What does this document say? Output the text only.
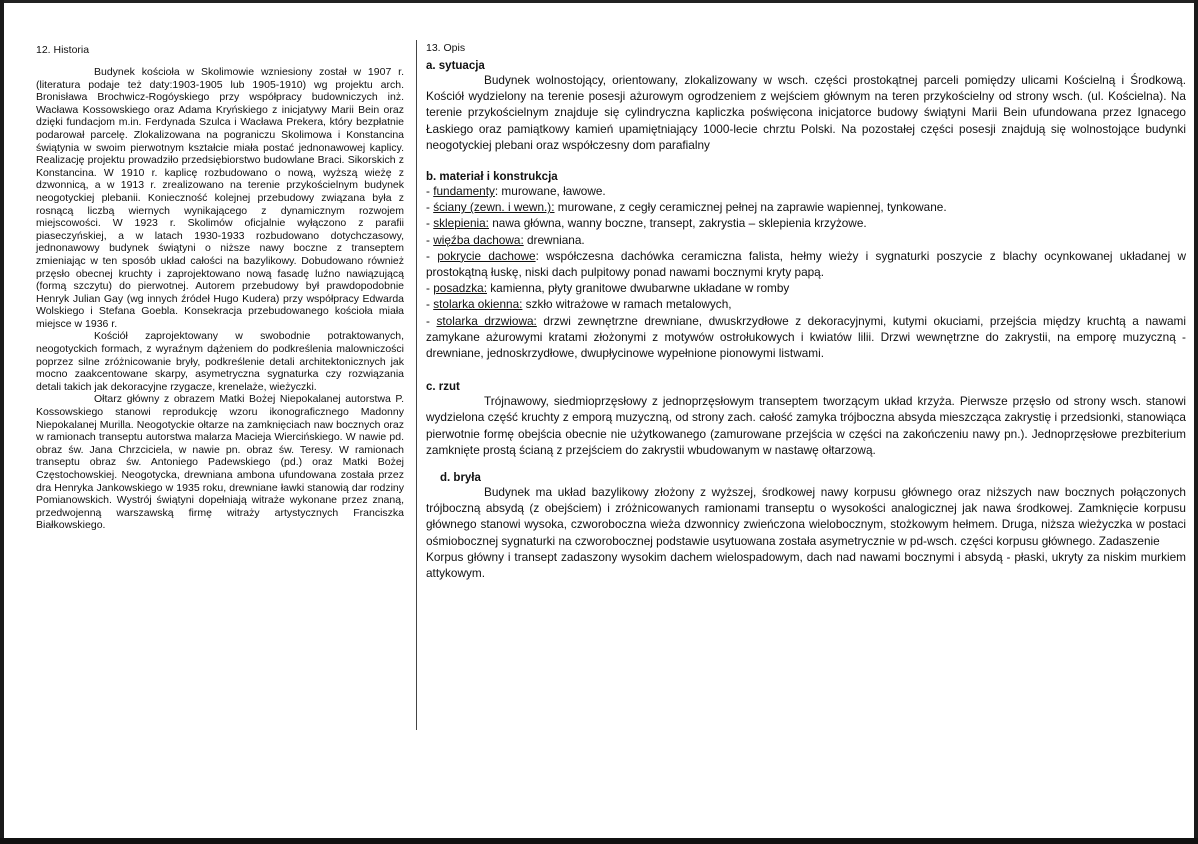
12. Historia

Budynek kościoła w Skolimowie wzniesiony został w 1907 r. (literatura podaje też daty:1903-1905 lub 1905-1910) wg projektu arch. Bronisława Brochwicz-Rogóyskiego przy współpracy budowniczych inż. Wacława Kossowskiego oraz Adama Kryńskiego z inicjatywy Marii Bein oraz dzięki fundacjom m.in. Ferdynada Szulca i Wacława Prekera, który bezpłatnie podarował parcelę. Zlokalizowana na pograniczu Skolimowa i Konstancina świątynia w swoim pierwotnym kształcie miała postać jednonawowej kaplicy. Realizację projektu prowadziło przedsiębiorstwo budowlane Braci. Sikorskich z Konstancina. W 1910 r. kaplicę rozbudowano o nową, wyższą wieżę z dzwonnicą, a w 1913 r. zrealizowano na terenie przykościelnym budynek neogotyckiej plebanii. Konieczność kolejnej przebudowy związana była z rosnącą liczbą wiernych wynikającego z dynamicznym rozwojem miejscowości. W 1923 r. Skolimów oficjalnie wyłączono z parafii piaseczyńskiej, a w latach 1930-1933 rozbudowano dotychczasowy, jednonawowy budynek świątyni o niższe nawy boczne z transeptem zmieniając w ten sposób układ całości na bazylikowy. Dobudowano również przęsło obecnej kruchty i zaprojektowano nową fasadę luźno nawiązującą (formą szczytu) do pierwotnej. Autorem przebudowy był prawdopodobnie Henryk Julian Gay (wg innych źródeł Hugo Kudera) przy współpracy Edwarda Wolskiego i Stefana Goebla. Konsekracja przebudowanego kościoła miała miejsce w 1936 r.

Kościół zaprojektowany w swobodnie potraktowanych, neogotyckich formach, z wyraźnym dążeniem do podkreślenia malowniczości poprzez silne zróżnicowanie bryły, podkreślenie detali architektonicznych jak mocno zaakcentowane skarpy, asymetryczna sygnaturka czy rozwiązania detali takich jak dekoracyjne rzygacze, krenelaże, wieżyczki.

Ołtarz główny z obrazem Matki Bożej Niepokalanej autorstwa P. Kossowskiego stanowi reprodukcję wzoru ikonograficznego Madonny Niepokalanej Murilla. Neogotyckie ołtarze na zamknięciach naw bocznych oraz w ramionach transeptu autorstwa malarza Macieja Wiercińskiego. W nawie pd. obraz św. Jana Chrzciciela, w nawie pn. obraz św. Teresy. W ramionach transeptu obraz św. Antoniego Padewskiego (pd.) oraz Matki Bożej Częstochowskiej. Neogotycka, drewniana ambona ufundowana została przez dra Henryka Jankowskiego w 1935 roku, drewniane ławki stanowią dar rodziny Pomianowskich. Wystrój świątyni dopełniają witraże wykonane przez znaną, przedwojenną warszawską firmę witraży artystycznych Franciszka Białkowskiego.

13. Opis
a. sytuacja

Budynek wolnostojący, orientowany, zlokalizowany w wsch. części prostokątnej parceli pomiędzy ulicami Kościelną i Środkową. Kościół wydzielony na terenie posesji ażurowym ogrodzeniem z wejściem głównym na teren przykościelny od strony wsch. (ul. Kościelna). Na terenie przykościelnym znajduje się cylindryczna kapliczka poświęcona inicjatorce budowy świątyni Marii Bein ufundowana przez Ignacego Łaskiego oraz pamiątkowy kamień upamiętniający 1000-lecie chrztu Polski. Na pozostałej części posesji znajdują się wolnostojące budynki neogotyckiej plebani oraz współczesny dom parafialny

b. materiał i konstrukcja

- fundamenty: murowane, ławowe.

- ściany (zewn. i wewn.): murowane, z cegły ceramicznej pełnej na zaprawie wapiennej, tynkowane.

- sklepienia: nawa główna, wanny boczne, transept, zakrystia – sklepienia krzyżowe.

- więźba dachowa: drewniana.

- pokrycie dachowe: współczesna dachówka ceramiczna falista, hełmy wieży i sygnaturki poszycie z blachy ocynkowanej układanej w prostokątną łuskę, niski dach pulpitowy ponad nawami bocznymi kryty papą.

- posadzka: kamienna, płyty granitowe dwubarwne układane w romby

- stolarka okienna: szkło witrażowe w ramach metalowych,

- stolarka drzwiowa: drzwi zewnętrzne drewniane, dwuskrzydłowe z dekoracyjnymi, kutymi okuciami, przejścia między kruchtą a nawami zamykane ażurowymi kratami złożonymi z motywów ostrołukowych i kwiatów lilii. Drzwi wewnętrzne do zakrystii, na emporę muzyczną - drewniane, jednoskrzydłowe, dwupłycinowe wypełnione pionowymi listwami.

c. rzut

Trójnawowy, siedmioprzęsłowy z jednoprzęsłowym transeptem tworzącym układ krzyża. Pierwsze przęsło od strony wsch. stanowi wydzielona część kruchty z emporą muzyczną, od strony zach. całość zamyka trójboczna absyda mieszcząca zakrystię i przedsionki, stanowiąca pierwotnie formę obejścia obecnie nie użytkowanego (zamurowane przejścia w części na zakończeniu nawy pn.). Jednoprzęsłowe prezbiterium zamknięte prostą ścianą z przejściem do zakrystii wbudowanym w nastawę ołtarzową.

d. bryła

Budynek ma układ bazylikowy złożony z wyższej, środkowej nawy korpusu głównego oraz niższych naw bocznych połączonych trójboczną absydą (z obejściem) i zróżnicowanych ramionami transeptu o wysokości analogicznej jak nawa środkowej. Zamknięcie korpusu głównego stanowi wysoka, czworoboczna wieża dzwonnicy zwieńczona wielobocznym, stożkowym hełmem. Druga, niższa wieżyczka w postaci ośmiobocznej sygnaturki na czworobocznej podstawie usytuowana została asymetrycznie w pd-wsch. części korpusu głównego. Zadaszenie

Korpus główny i transept zadaszony wysokim dachem wielospadowym, dach nad nawami bocznymi i absydą - płaski, ukryty za niskim murkiem attykowym.
